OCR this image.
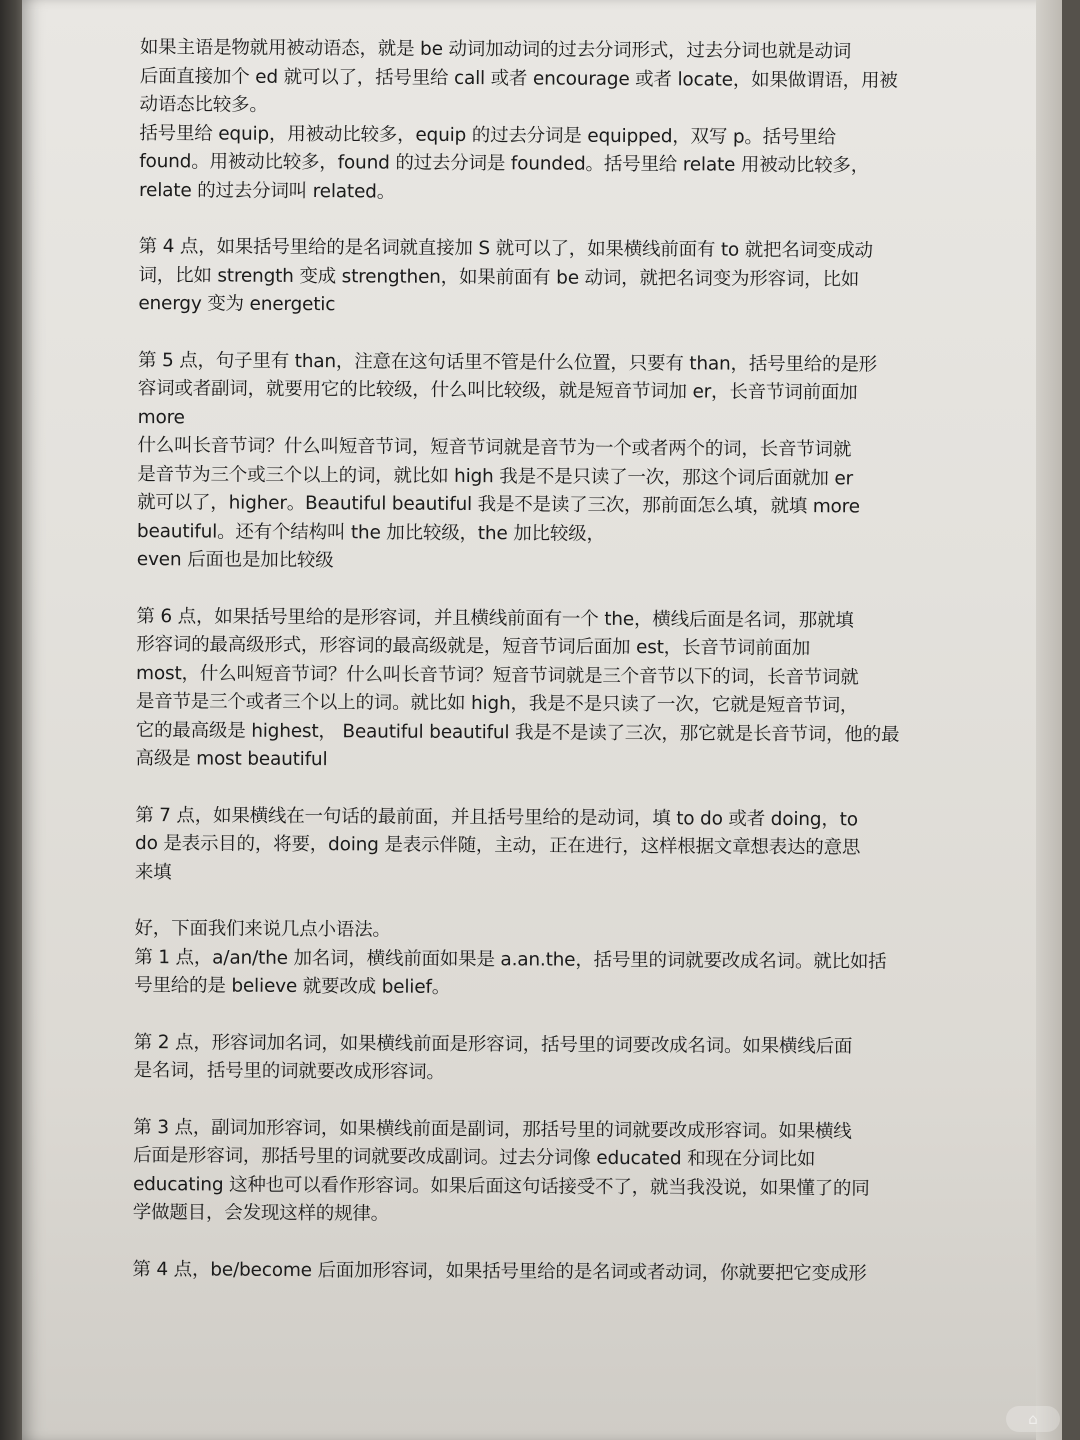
如果主语是物就用被动语态，就是 be 动词加动词的过去分词形式，过去分词也就是动词
后面直接加个 ed 就可以了，括号里给 call 或者 encourage 或者 locate，如果做谓语，用被
动语态比较多。
括号里给 equip，用被动比较多，equip 的过去分词是 equipped，双写 p。括号里给
found。用被动比较多，found 的过去分词是 founded。括号里给 relate 用被动比较多，
relate 的过去分词叫 related。
第 4 点，如果括号里给的是名词就直接加 S 就可以了，如果横线前面有 to 就把名词变成动
词，比如 strength 变成 strengthen，如果前面有 be 动词，就把名词变为形容词，比如
energy 变为 energetic
第 5 点，句子里有 than，注意在这句话里不管是什么位置，只要有 than，括号里给的是形
容词或者副词，就要用它的比较级，什么叫比较级，就是短音节词加 er，长音节词前面加
more
什么叫长音节词？什么叫短音节词，短音节词就是音节为一个或者两个的词，长音节词就
是音节为三个或三个以上的词，就比如 high 我是不是只读了一次，那这个词后面就加 er
就可以了，higher。Beautiful beautiful 我是不是读了三次，那前面怎么填，就填 more
beautiful。还有个结构叫 the 加比较级，the 加比较级，
even 后面也是加比较级
第 6 点，如果括号里给的是形容词，并且横线前面有一个 the，横线后面是名词，那就填
形容词的最高级形式，形容词的最高级就是，短音节词后面加 est，长音节词前面加
most，什么叫短音节词？什么叫长音节词？短音节词就是三个音节以下的词，长音节词就
是音节是三个或者三个以上的词。就比如 high，我是不是只读了一次，它就是短音节词，
它的最高级是 highest， Beautiful beautiful 我是不是读了三次，那它就是长音节词，他的最
高级是 most beautiful
第 7 点，如果横线在一句话的最前面，并且括号里给的是动词，填 to do 或者 doing，to
do 是表示目的，将要，doing 是表示伴随，主动，正在进行，这样根据文章想表达的意思
来填
好，下面我们来说几点小语法。
第 1 点，a/an/the 加名词，横线前面如果是 a.an.the，括号里的词就要改成名词。就比如括
号里给的是 believe 就要改成 belief。
第 2 点，形容词加名词，如果横线前面是形容词，括号里的词要改成名词。如果横线后面
是名词，括号里的词就要改成形容词。
第 3 点，副词加形容词，如果横线前面是副词，那括号里的词就要改成形容词。如果横线
后面是形容词，那括号里的词就要改成副词。过去分词像 educated 和现在分词比如
educating 这种也可以看作形容词。如果后面这句话接受不了，就当我没说，如果懂了的同
学做题目，会发现这样的规律。
第 4 点，be/become 后面加形容词，如果括号里给的是名词或者动词，你就要把它变成形
⌂
